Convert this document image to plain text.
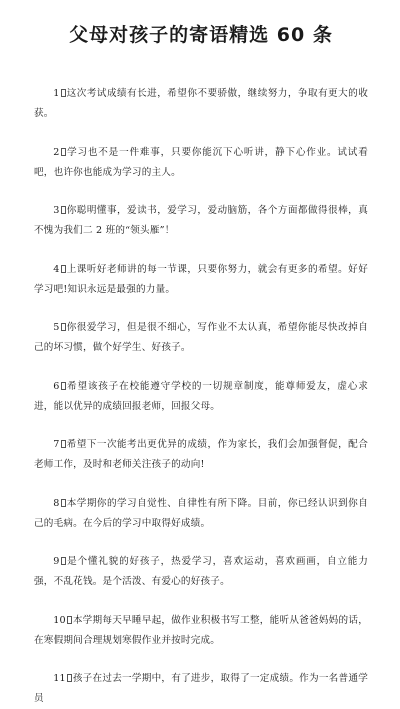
父母对孩子的寄语精选 60 条

1 这次考试成绩有长进，希望你不要骄傲，继续努力，争取有更大的收获。

2 学习也不是一件难事，只要你能沉下心听讲，静下心作业。试试看吧，也许你也能成为学习的主人。

3 你聪明懂事，爱读书，爱学习，爱动脑筋，各个方面都做得很棒，真不愧为我们二 2 班的“领头雁”！

4 上课听好老师讲的每一节课，只要你努力，就会有更多的希望。好好学习吧!知识永远是最强的力量。

5 你很爱学习，但是很不细心，写作业不太认真，希望你能尽快改掉自己的坏习惯，做个好学生、好孩子。

6 希望该孩子在校能遵守学校的一切规章制度，能尊师爱友，虚心求进，能以优异的成绩回报老师，回报父母。

7 希望下一次能考出更优异的成绩，作为家长，我们会加强督促，配合老师工作，及时和老师关注孩子的动向!

8 本学期你的学习自觉性、自律性有所下降。目前，你已经认识到你自己的毛病。在今后的学习中取得好成绩。

9 是个懂礼貌的好孩子，热爱学习，喜欢运动，喜欢画画，自立能力强，不乱花钱。是个活泼、有爱心的好孩子。

10 本学期每天早睡早起，做作业积极书写工整，能听从爸爸妈妈的话，在寒假期间合理规划寒假作业并按时完成。

11 孩子在过去一学期中，有了进步，取得了一定成绩。作为一名普通学员
